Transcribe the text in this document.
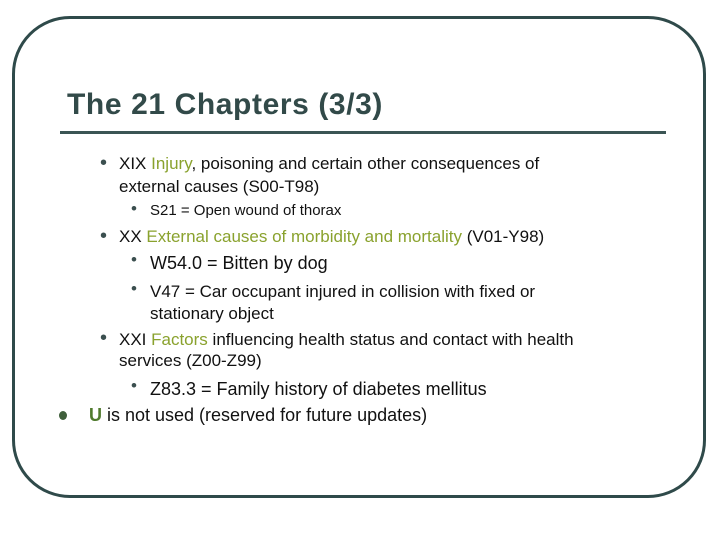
The 21 Chapters (3/3)
• XIX Injury, poisoning and certain other consequences of
external causes (S00-T98)
• S21 = Open wound of thorax
• XX External causes of morbidity and mortality (V01-Y98)
• W54.0 = Bitten by dog
• V47 = Car occupant injured in collision with fixed or
stationary object
• XXI Factors influencing health status and contact with health
services (Z00-Z99)
• Z83.3 = Family history of diabetes mellitus
U is not used (reserved for future updates)
